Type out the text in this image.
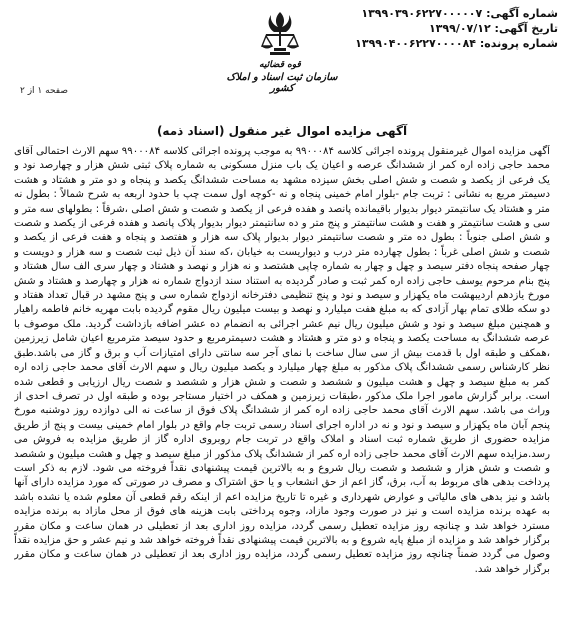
شماره آگهی: ۱۳۹۹۰۳۹۰۶۲۲۷۰۰۰۰۰۷
تاریخ آگهی: ۱۳۹۹/۰۷/۱۲
شماره پرونده: ۱۳۹۹۰۴۰۰۶۲۲۷۰۰۰۰۸۴
قوه قضائیه
سازمان ثبت اسناد و املاک کشور
صفحه ۱ از ۲
آگهی مزایده اموال غیر منقول (اسناد ذمه)
آگهی مزایده اموال غیرمنقول پرونده اجرائی کلاسه ۹۹۰۰۰۸۴ به موجب پرونده اجرائی کلاسه ۹۹۰۰۰۸۴ سهم الارث احتمالی آقای محمد حاجی زاده اره کمر از ششدانگ عرصه و اعیان یک باب منزل مسکونی به شماره پلاک ثبتی شش هزار و چهارصد نود و یک فرعی از یکصد و شصت و شش اصلی بخش سیزده مشهد به مساحت ششدانگ یکصد و پنجاه و دو متر و هشتاد و هشت دسیمتر مربع به نشانی : تربت جام -بلوار امام خمینی پنجاه و نه -کوچه اول سمت چپ با حدود اربعه به شرح شمالاً : بطول نه متر و هشتاد یک سانتیمتر دیوار بدیوار باقیمانده پانصد و هفده فرعی از یکصد و شصت و شش اصلی ،شرقاً : بطولهای سه متر و سی و هشت سانتیمتر و هفت و هشت سانتیمتر و پنج متر و ده سانتیمتر دیوار بدیوار پلاک پانصد و هفده فرعی از یکصد و شصت و شش اصلی جنوباً : بطول ده متر و شصت سانتیمتر دیوار بدیوار پلاک سه هزار و هفتصد و پنجاه و هفت فرعی از یکصد و شصت و شش اصلی غرباً : بطول چهارده متر درب و دیواریست به خیابان ،که سند آن ذیل ثبت شصت و سه هزار و دویست و چهار صفحه پنجاه دفتر سیصد و چهل و چهار به شماره چاپی هشتصد و نه هزار و نهصد و هشتاد و چهار سری الف سال هشتاد و پنج بنام مرحوم یوسف حاجی زاده اره کمر ثبت و صادر گردیده به استناد سند ازدواج شماره نه هزار و چهارصد و هشتاد و شش مورخ یازدهم اردیبهشت ماه یکهزار و سیصد و نود و پنج تنظیمی دفترخانه ازدواج شماره سی و پنج مشهد در قبال تعداد هفتاد و دو سکه طلای تمام بهار آزادی که به مبلغ هفت میلیارد و نهصد و بیست میلیون ریال مقوم گردیده بابت مهریه خانم فاطمه راهیار و همچنین مبلغ سیصد و نود و شش میلیون ریال نیم عشر اجرائی به انضمام ده عشر اضافه بازداشت گردید. ملک موصوف با عرصه ششدانگ به مساحت یکصد و پنجاه و دو متر و هشتاد و هشت دسیمترمربع و حدود سیصد مترمربع اعیان شامل زیرزمین ،همکف و طبقه اول با قدمت بیش از سی سال ساخت با نمای آجر سه سانتی دارای امتیازات آب و برق و گاز می باشد.طبق نظر کارشناس رسمی ششدانگ پلاک مذکور به مبلغ چهار میلیارد و یکصد میلیون ریال و سهم الارث آقای محمد حاجی زاده اره کمر به مبلغ سیصد و چهل و هشت میلیون و ششصد و شصت و شش هزار و ششصد و شصت ریال ارزیابی و قطعی شده است. برابر گزارش مامور اجرا ملک مذکور ،طبقات زیرزمین و همکف در اختیار مستاجر بوده و طبقه اول در تصرف احدی از وراث می باشد. سهم الارث آقای محمد حاجی زاده اره کمر از ششدانگ پلاک فوق از ساعت نه الی دوازده روز دوشنبه مورخ پنجم آبان ماه یکهزار و سیصد و نود و نه در اداره اجرای اسناد رسمی تربت جام واقع در بلوار امام خمینی بیست و پنج از طریق مزایده حضوری از طریق شماره ثبت اسناد و املاک واقع در تربت جام روبروی اداره گاز از طریق مزایده به فروش می رسد.مزایده سهم الارث آقای محمد حاجی زاده اره کمر از ششدانگ پلاک مذکور از مبلغ سیصد و چهل و هشت میلیون و ششصد و شصت و شش هزار و ششصد و شصت ریال شروع و به بالاترین قیمت پیشنهادی نقداً فروخته می شود. لازم به ذکر است پرداخت بدهی های مربوط به آب، برق، گاز اعم از حق انشعاب و یا حق اشتراک و مصرف در صورتی که مورد مزایده دارای آنها باشد و نیز بدهی های مالیاتی و عوارض شهرداری و غیره تا تاریخ مزایده اعم از اینکه رقم قطعی آن معلوم شده یا نشده باشد به عهده برنده مزایده است و نیز در صورت وجود مازاد، وجوه پرداختی بابت هزینه های فوق از محل مازاد به برنده مزایده مسترد خواهد شد و چنانچه روز مزایده تعطیل رسمی گردد، مزایده روز اداری بعد از تعطیلی در همان ساعت و مکان مقرر برگزار خواهد شد و مزایده از مبلغ پایه شروع و به بالاترین قیمت پیشنهادی نقداً فروخته خواهد شد و نیم عشر و حق مزایده نقداً وصول می گردد ضمناً چنانچه روز مزایده تعطیل رسمی گردد، مزایده روز اداری بعد از تعطیلی در همان ساعت و مکان مقرر برگزار خواهد شد.
